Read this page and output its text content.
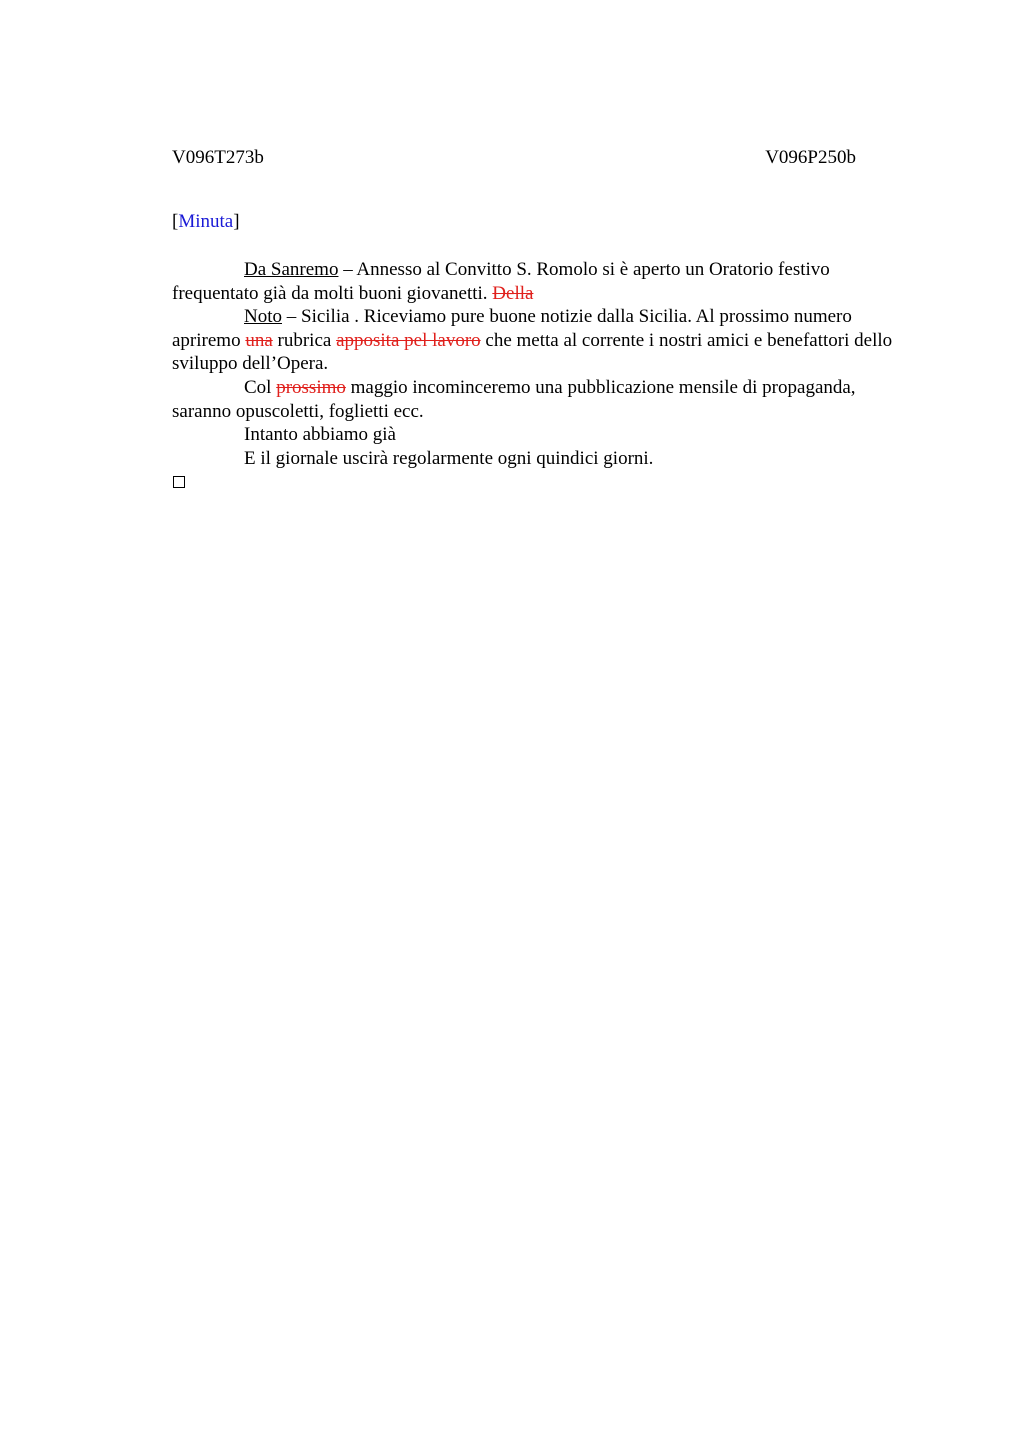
V096T273b	V096P250b
[Minuta]

Da Sanremo – Annesso al Convitto S. Romolo si è aperto un Oratorio festivo frequentato già da molti buoni giovanetti. Della

Noto – Sicilia . Riceviamo pure buone notizie dalla Sicilia. Al prossimo numero apriremo una rubrica apposita pel lavoro che metta al corrente i nostri amici e benefattori dello sviluppo dell’Opera.

Col prossimo maggio incominceremo una pubblicazione mensile di propaganda, saranno opuscoletti, foglietti ecc.

Intanto abbiamo già

E il giornale uscirà regolarmente ogni quindici giorni.
